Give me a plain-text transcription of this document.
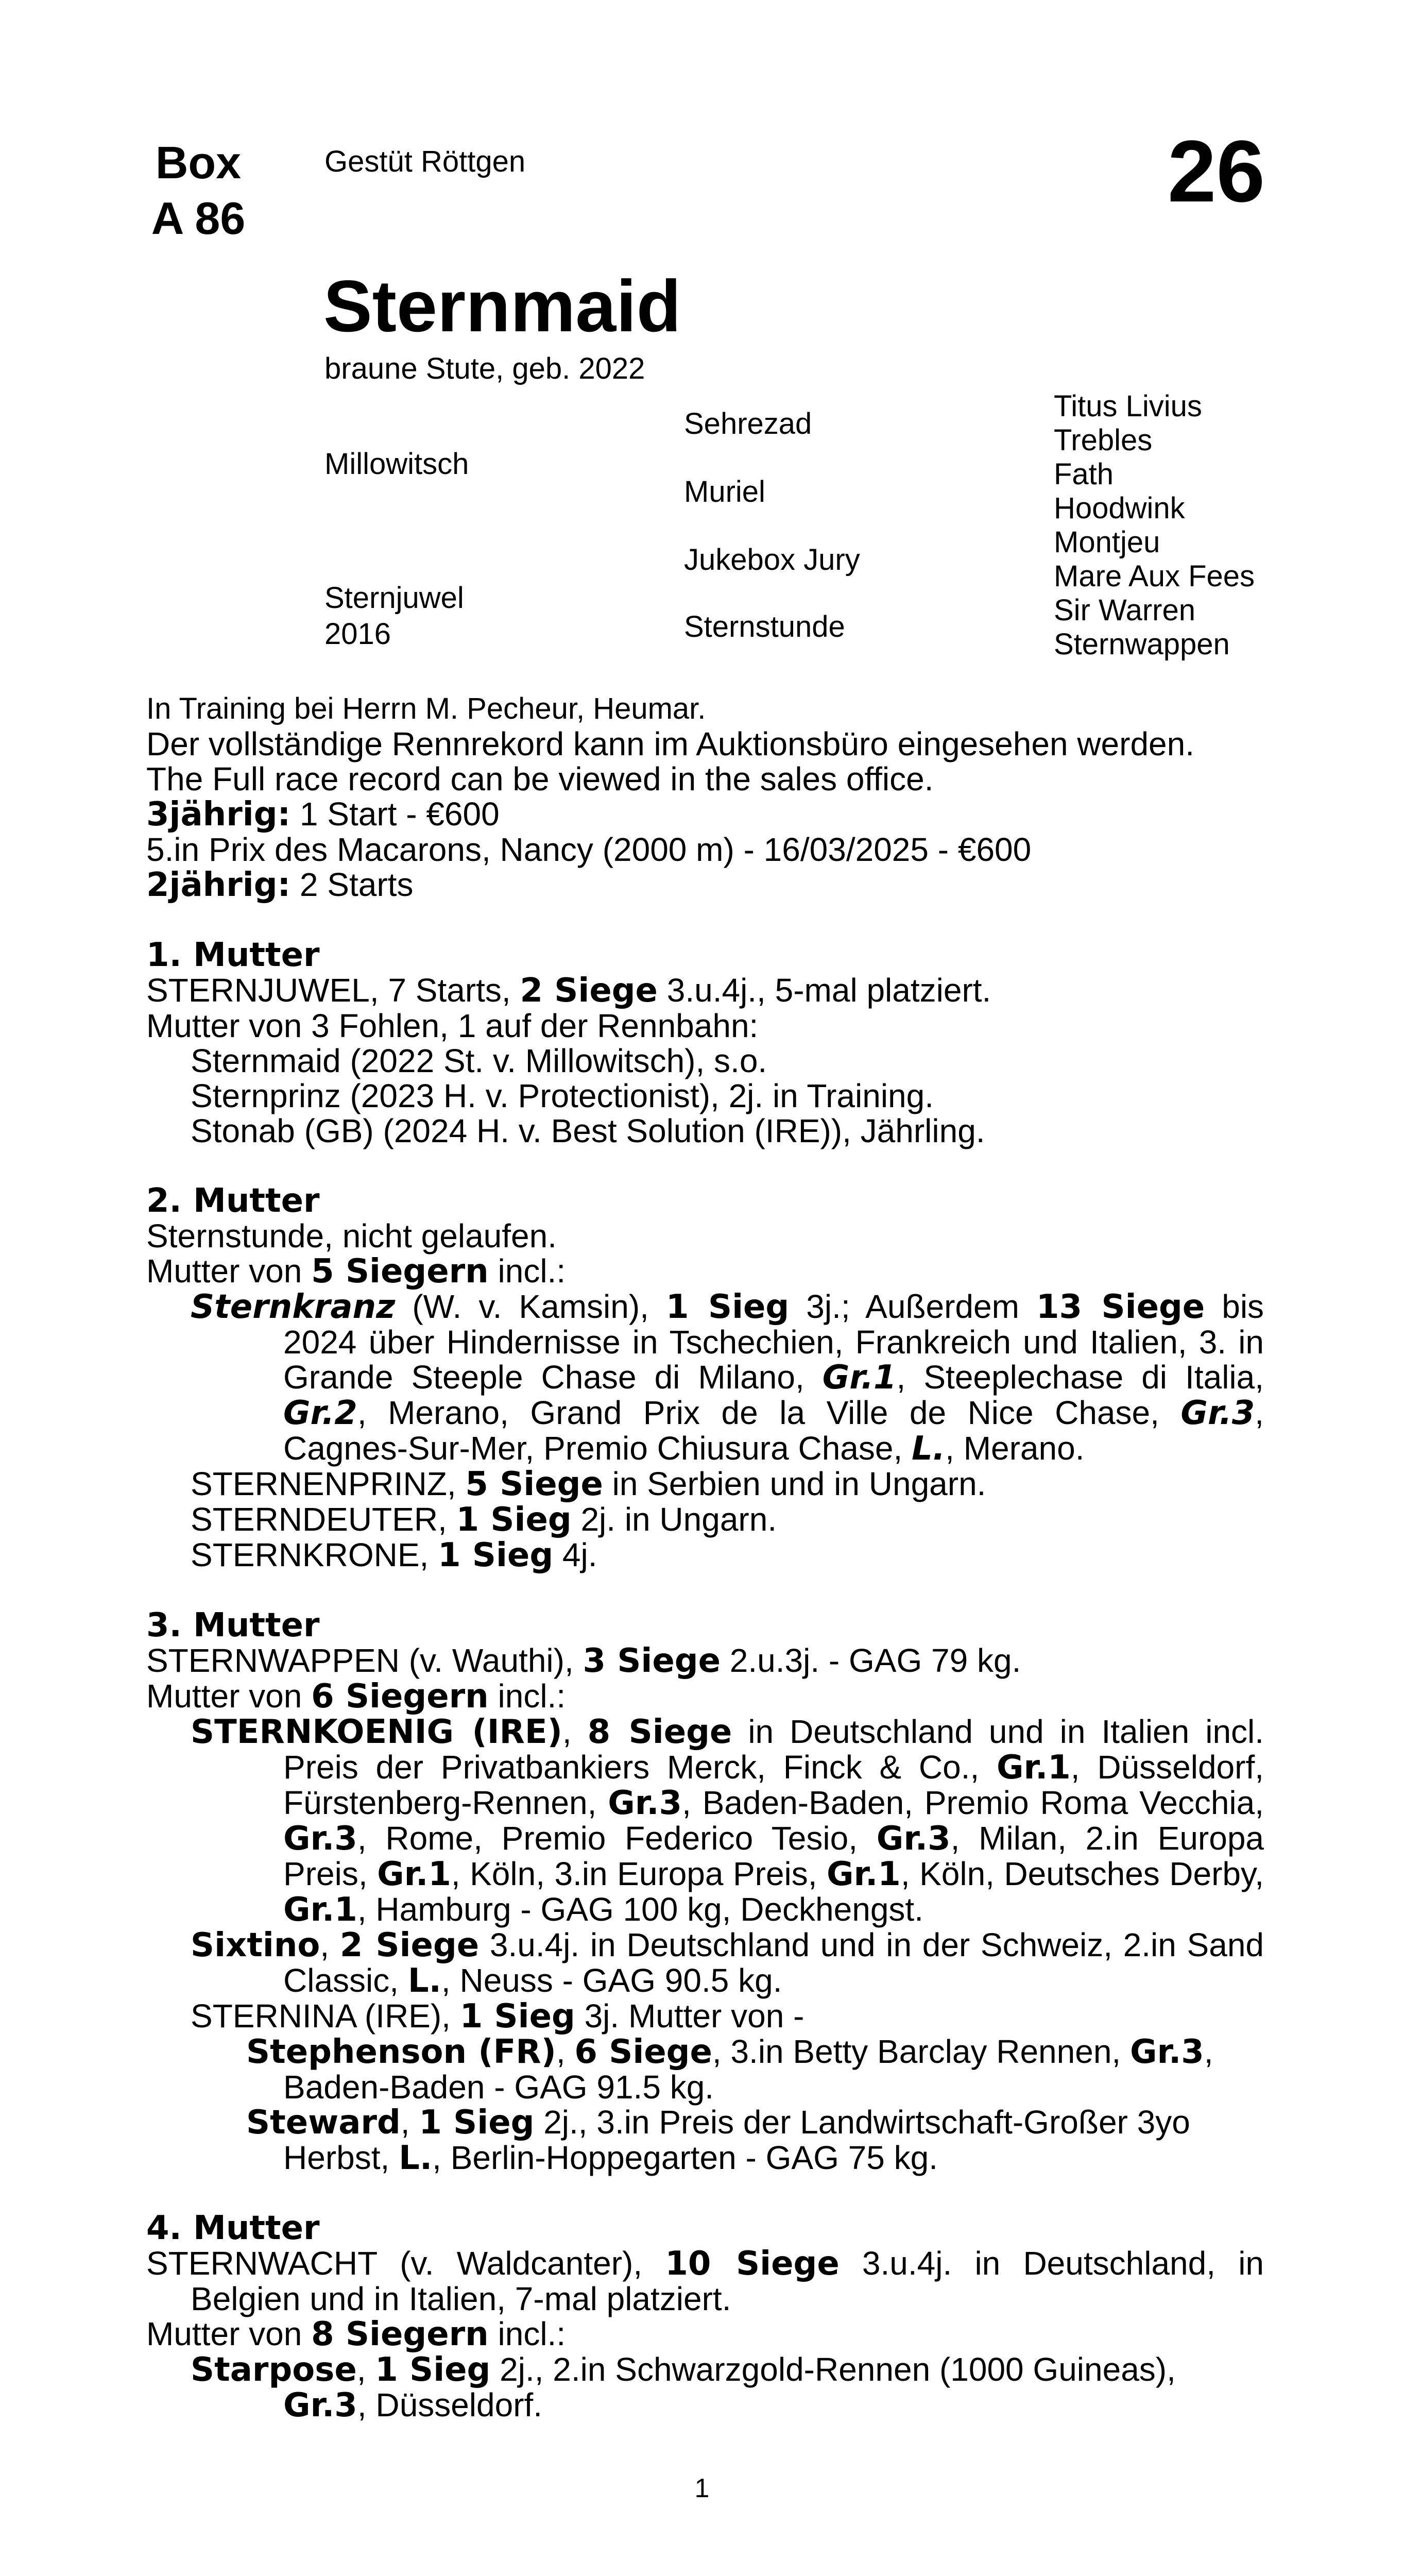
Box
A 86
Gestüt Röttgen	26
Sternmaid
braune Stute, geb. 2022
Millowitsch
Sternjuwel
2016
Sehrezad
Muriel
Jukebox Jury
Sternstunde
Titus Livius
Trebles
Fath
Hoodwink
Montjeu
Mare Aux Fees
Sir Warren
Sternwappen

In Training bei Herrn M. Pecheur, Heumar.

Der vollständige Rennrekord kann im Auktionsbüro eingesehen werden.

The Full race record can be viewed in the sales office.

3jährig: 1 Start - €600

5.in Prix des Macarons, Nancy (2000 m) - 16/03/2025 - €600

2jährig: 2 Starts

1. Mutter

STERNJUWEL, 7 Starts, 2 Siege 3.u.4j., 5-mal platziert.

Mutter von 3 Fohlen, 1 auf der Rennbahn:

Sternmaid (2022 St. v. Millowitsch), s.o.

Sternprinz (2023 H. v. Protectionist), 2j. in Training.

Stonab (GB) (2024 H. v. Best Solution (IRE)), Jährling.

2. Mutter

Sternstunde, nicht gelaufen.

Mutter von 5 Siegern incl.:

Sternkranz (W. v. Kamsin), 1 Sieg 3j.; Außerdem 13 Siege bis 2024 über Hindernisse in Tschechien, Frankreich und Italien, 3. in Grande Steeple Chase di Milano, Gr.1, Steeplechase di Italia, Gr.2, Merano, Grand Prix de la Ville de Nice Chase, Gr.3, Cagnes-Sur-Mer, Premio Chiusura Chase, L., Merano.

STERNENPRINZ, 5 Siege in Serbien und in Ungarn.

STERNDEUTER, 1 Sieg 2j. in Ungarn.

STERNKRONE, 1 Sieg 4j.

3. Mutter

STERNWAPPEN (v. Wauthi), 3 Siege 2.u.3j. - GAG 79 kg.

Mutter von 6 Siegern incl.:

STERNKOENIG (IRE), 8 Siege in Deutschland und in Italien incl. Preis der Privatbankiers Merck, Finck & Co., Gr.1, Düsseldorf, Fürstenberg-Rennen, Gr.3, Baden-Baden, Premio Roma Vecchia, Gr.3, Rome, Premio Federico Tesio, Gr.3, Milan, 2.in Europa Preis, Gr.1, Köln, 3.in Europa Preis, Gr.1, Köln, Deutsches Derby, Gr.1, Hamburg - GAG 100 kg, Deckhengst.

Sixtino, 2 Siege 3.u.4j. in Deutschland und in der Schweiz, 2.in Sand Classic, L., Neuss - GAG 90.5 kg.

STERNINA (IRE), 1 Sieg 3j. Mutter von -

Stephenson (FR), 6 Siege, 3.in Betty Barclay Rennen, Gr.3, Baden-Baden - GAG 91.5 kg.

Steward, 1 Sieg 2j., 3.in Preis der Landwirtschaft-Großer 3yo Herbst, L., Berlin-Hoppegarten - GAG 75 kg.

4. Mutter

STERNWACHT (v. Waldcanter), 10 Siege 3.u.4j. in Deutschland, in Belgien und in Italien, 7-mal platziert.

Mutter von 8 Siegern incl.:

Starpose, 1 Sieg 2j., 2.in Schwarzgold-Rennen (1000 Guineas), Gr.3, Düsseldorf.

1
